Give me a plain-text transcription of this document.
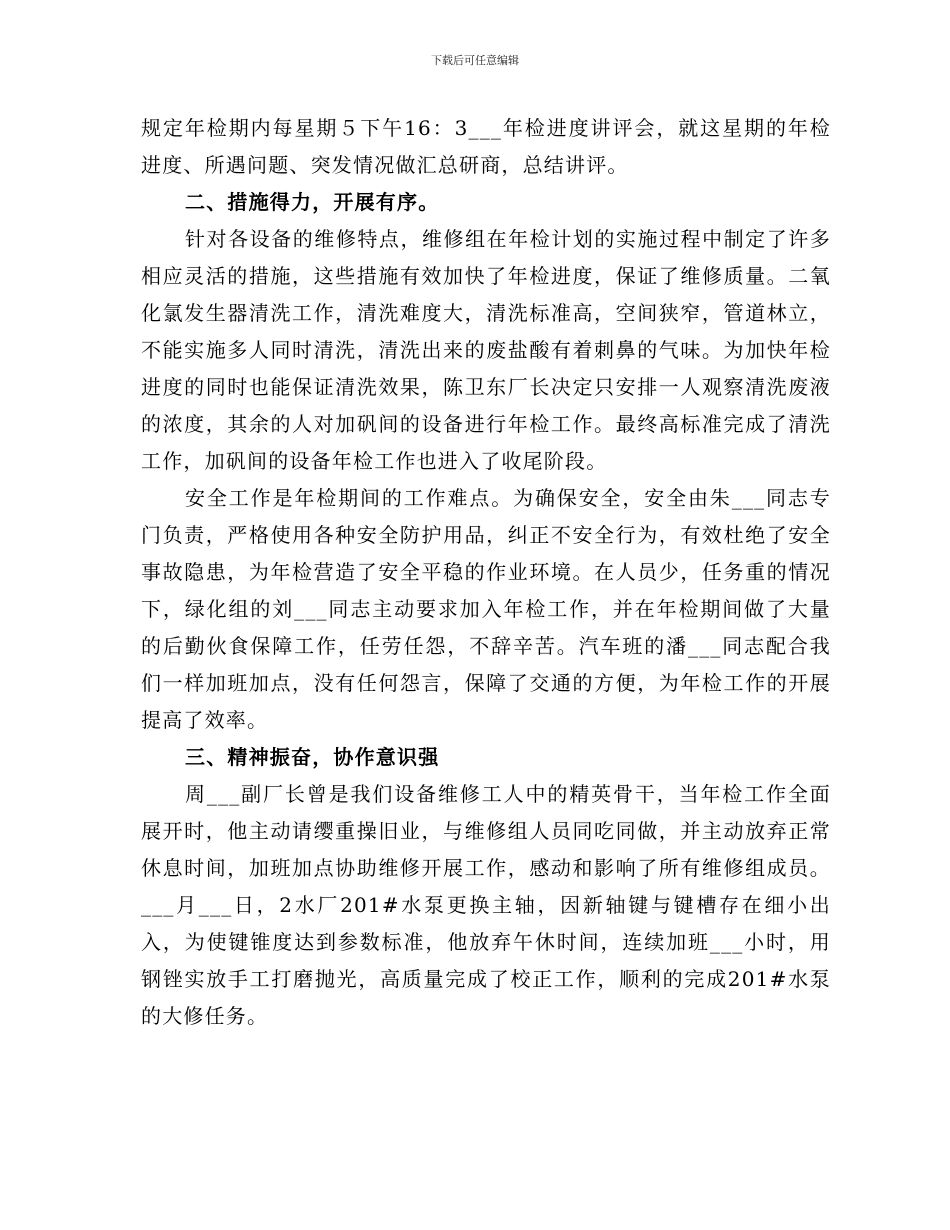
下载后可任意编辑

规定年检期内每星期５下午16：3___年检进度讲评会，就这星期的年检进度、所遇问题、突发情况做汇总研商，总结讲评。

二、措施得力，开展有序。

针对各设备的维修特点，维修组在年检计划的实施过程中制定了许多相应灵活的措施，这些措施有效加快了年检进度，保证了维修质量。二氧化氯发生器清洗工作，清洗难度大，清洗标准高，空间狭窄，管道林立，不能实施多人同时清洗，清洗出来的废盐酸有着刺鼻的气味。为加快年检进度的同时也能保证清洗效果，陈卫东厂长决定只安排一人观察清洗废液的浓度，其余的人对加矾间的设备进行年检工作。最终高标准完成了清洗工作，加矾间的设备年检工作也进入了收尾阶段。

安全工作是年检期间的工作难点。为确保安全，安全由朱___同志专门负责，严格使用各种安全防护用品，纠正不安全行为，有效杜绝了安全事故隐患，为年检营造了安全平稳的作业环境。在人员少，任务重的情况下，绿化组的刘___同志主动要求加入年检工作，并在年检期间做了大量的后勤伙食保障工作，任劳任怨，不辞辛苦。汽车班的潘___同志配合我们一样加班加点，没有任何怨言，保障了交通的方便，为年检工作的开展提高了效率。

三、精神振奋，协作意识强

周___副厂长曾是我们设备维修工人中的精英骨干，当年检工作全面展开时，他主动请缨重操旧业，与维修组人员同吃同做，并主动放弃正常休息时间，加班加点协助维修开展工作，感动和影响了所有维修组成员。___月___日，2水厂201#水泵更换主轴，因新轴键与键槽存在细小出入，为使键锥度达到参数标准，他放弃午休时间，连续加班___小时，用钢锉实放手工打磨抛光，高质量完成了校正工作，顺利的完成201#水泵的大修任务。
